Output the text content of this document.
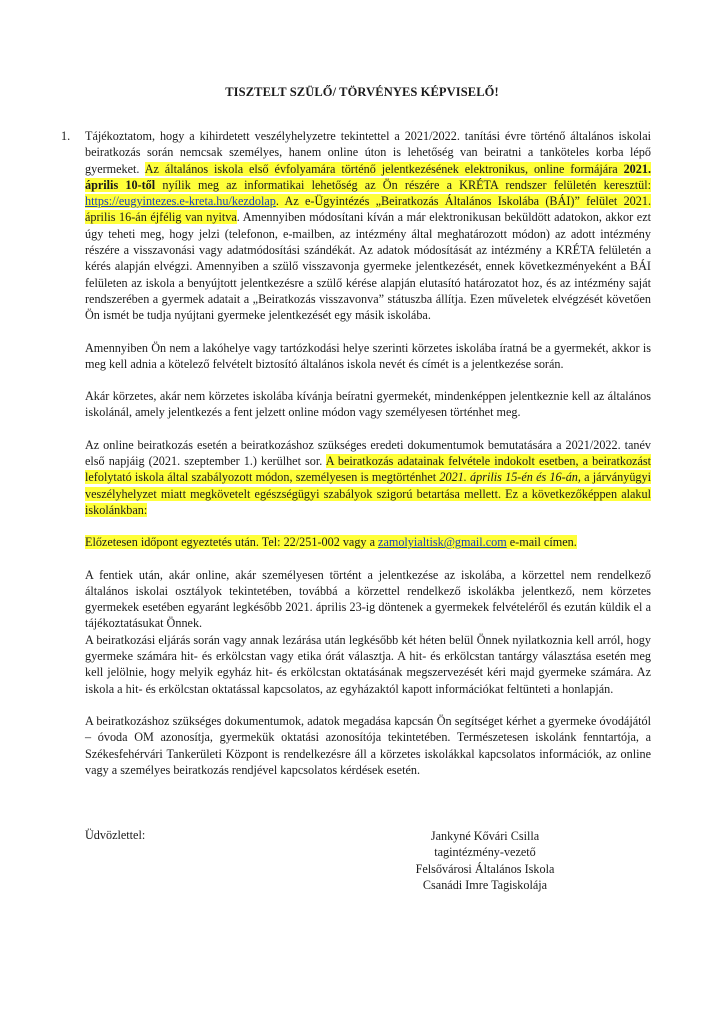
TISZTELT SZÜLŐ/ TÖRVÉNYES KÉPVISELŐ!

1. Tájékoztatom, hogy a kihirdetett veszélyhelyzetre tekintettel a 2021/2022. tanítási évre történő általános iskolai beiratkozás során nemcsak személyes, hanem online úton is lehetőség van beiratni a tanköteles korba lépő gyermeket. Az általános iskola első évfolyamára történő jelentkezésének elektronikus, online formájára 2021. április 10-től nyílik meg az informatikai lehetőség az Ön részére a KRÉTA rendszer felületén keresztül: https://eugyintezes.e-kreta.hu/kezdolap. Az e-Ügyintézés „Beiratkozás Általános Iskolába (BÁI)” felület 2021. április 16-án éjfélig van nyitva. Amennyiben módosítani kíván a már elektronikusan beküldött adatokon, akkor ezt úgy teheti meg, hogy jelzi (telefonon, e-mailben, az intézmény által meghatározott módon) az adott intézmény részére a visszavonási vagy adatmódosítási szándékát. Az adatok módosítását az intézmény a KRÉTA felületén a kérés alapján elvégzi. Amennyiben a szülő visszavonja gyermeke jelentkezését, ennek következményeként a BÁI felületen az iskola a benyújtott jelentkezésre a szülő kérése alapján elutasító határozatot hoz, és az intézmény saját rendszerében a gyermek adatait a „Beiratkozás visszavonva” státuszba állítja. Ezen műveletek elvégzését követően Ön ismét be tudja nyújtani gyermeke jelentkezését egy másik iskolába.

Amennyiben Ön nem a lakóhelye vagy tartózkodási helye szerinti körzetes iskolába íratná be a gyermekét, akkor is meg kell adnia a kötelező felvételt biztosító általános iskola nevét és címét is a jelentkezése során.

Akár körzetes, akár nem körzetes iskolába kívánja beíratni gyermekét, mindenképpen jelentkeznie kell az általános iskolánál, amely jelentkezés a fent jelzett online módon vagy személyesen történhet meg.

Az online beiratkozás esetén a beiratkozáshoz szükséges eredeti dokumentumok bemutatására a 2021/2022. tanév első napjáig (2021. szeptember 1.) kerülhet sor. A beiratkozás adatainak felvétele indokolt esetben, a beiratkozást lefolytató iskola által szabályozott módon, személyesen is megtörténhet 2021. április 15-én és 16-án, a járványügyi veszélyhelyzet miatt megkövetelt egészségügyi szabályok szigorú betartása mellett. Ez a következőképpen alakul iskolánkban:

Előzetesen időpont egyeztetés után. Tel: 22/251-002 vagy a zamolyialtisk@gmail.com e-mail címen.

A fentiek után, akár online, akár személyesen történt a jelentkezése az iskolába, a körzettel nem rendelkező általános iskolai osztályok tekintetében, továbbá a körzettel rendelkező iskolákba jelentkező, nem körzetes gyermekek esetében egyaránt legkésőbb 2021. április 23-ig döntenek a gyermekek felvételéről és ezután küldik el a tájékoztatásukat Önnek.

A beiratkozási eljárás során vagy annak lezárása után legkésőbb két héten belül Önnek nyilatkoznia kell arról, hogy gyermeke számára hit- és erkölcstan vagy etika órát választja. A hit- és erkölcstan tantárgy választása esetén meg kell jelölnie, hogy melyik egyház hit- és erkölcstan oktatásának megszervezését kéri majd gyermeke számára. Az iskola a hit- és erkölcstan oktatással kapcsolatos, az egyházaktól kapott információkat feltünteti a honlapján.

A beiratkozáshoz szükséges dokumentumok, adatok megadása kapcsán Ön segítséget kérhet a gyermeke óvodájától – óvoda OM azonosítja, gyermekük oktatási azonosítója tekintetében. Természetesen iskolánk fenntartója, a Székesfehérvári Tankerületi Központ is rendelkezésre áll a körzetes iskolákkal kapcsolatos információk, az online vagy a személyes beiratkozás rendjével kapcsolatos kérdések esetén.

Üdvözlettel:	Jankyné Kővári Csilla
tagintézmény-vezető
Felsővárosi Általános Iskola
Csanádi Imre Tagiskolája
